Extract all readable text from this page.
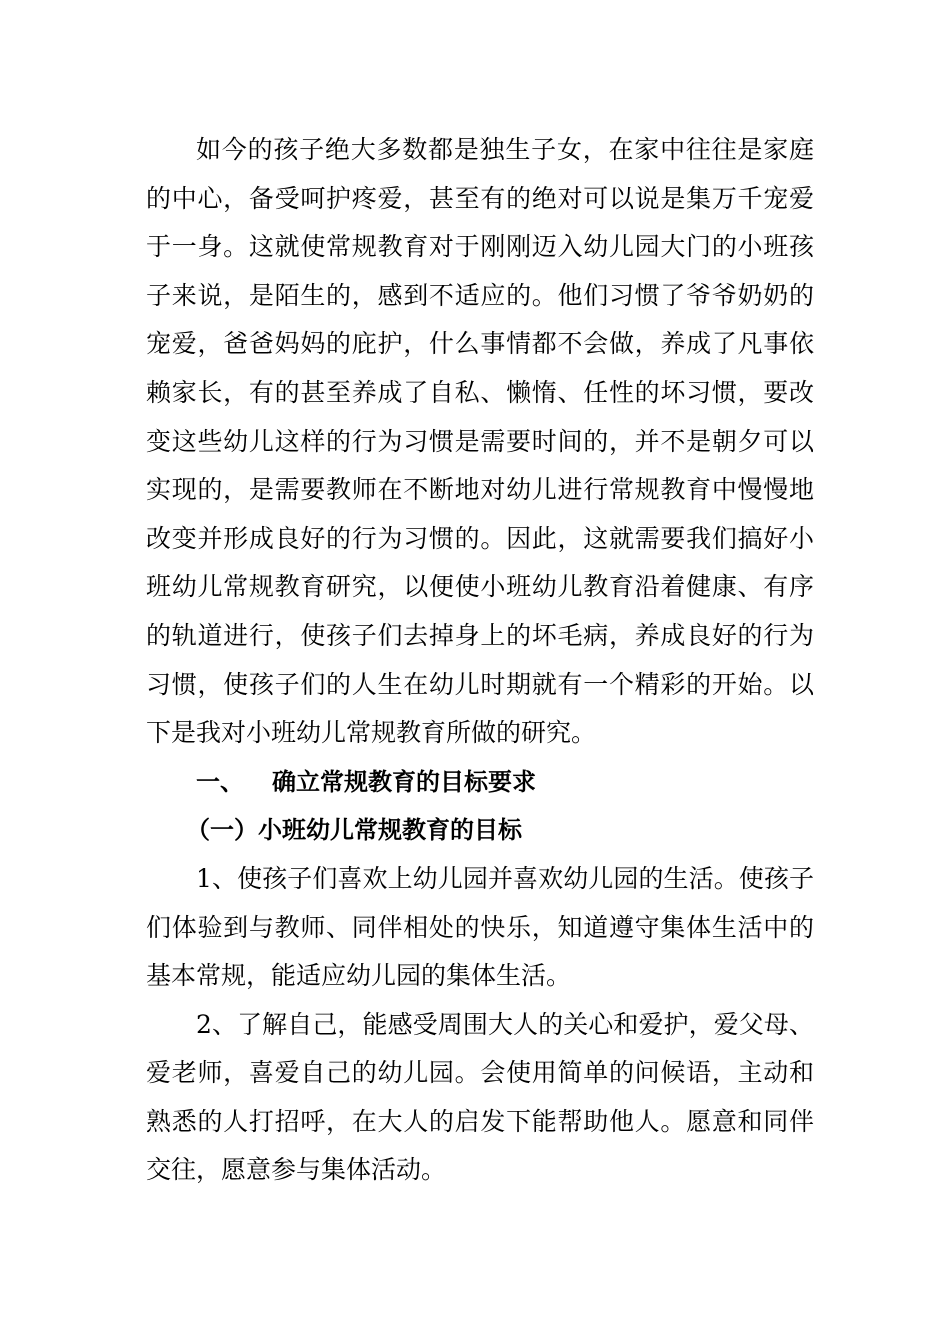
如今的孩子绝大多数都是独生子女，在家中往往是家庭的中心，备受呵护疼爱，甚至有的绝对可以说是集万千宠爱于一身。这就使常规教育对于刚刚迈入幼儿园大门的小班孩子来说，是陌生的，感到不适应的。他们习惯了爷爷奶奶的宠爱，爸爸妈妈的庇护，什么事情都不会做，养成了凡事依赖家长，有的甚至养成了自私、懒惰、任性的坏习惯，要改变这些幼儿这样的行为习惯是需要时间的，并不是朝夕可以实现的，是需要教师在不断地对幼儿进行常规教育中慢慢地改变并形成良好的行为习惯的。因此，这就需要我们搞好小班幼儿常规教育研究，以便使小班幼儿教育沿着健康、有序的轨道进行，使孩子们去掉身上的坏毛病，养成良好的行为习惯，使孩子们的人生在幼儿时期就有一个精彩的开始。以下是我对小班幼儿常规教育所做的研究。

一、 确立常规教育的目标要求

（一）小班幼儿常规教育的目标

1、使孩子们喜欢上幼儿园并喜欢幼儿园的生活。使孩子们体验到与教师、同伴相处的快乐，知道遵守集体生活中的基本常规，能适应幼儿园的集体生活。

2、了解自己，能感受周围大人的关心和爱护，爱父母、爱老师，喜爱自己的幼儿园。会使用简单的问候语，主动和熟悉的人打招呼，在大人的启发下能帮助他人。愿意和同伴交往，愿意参与集体活动。
